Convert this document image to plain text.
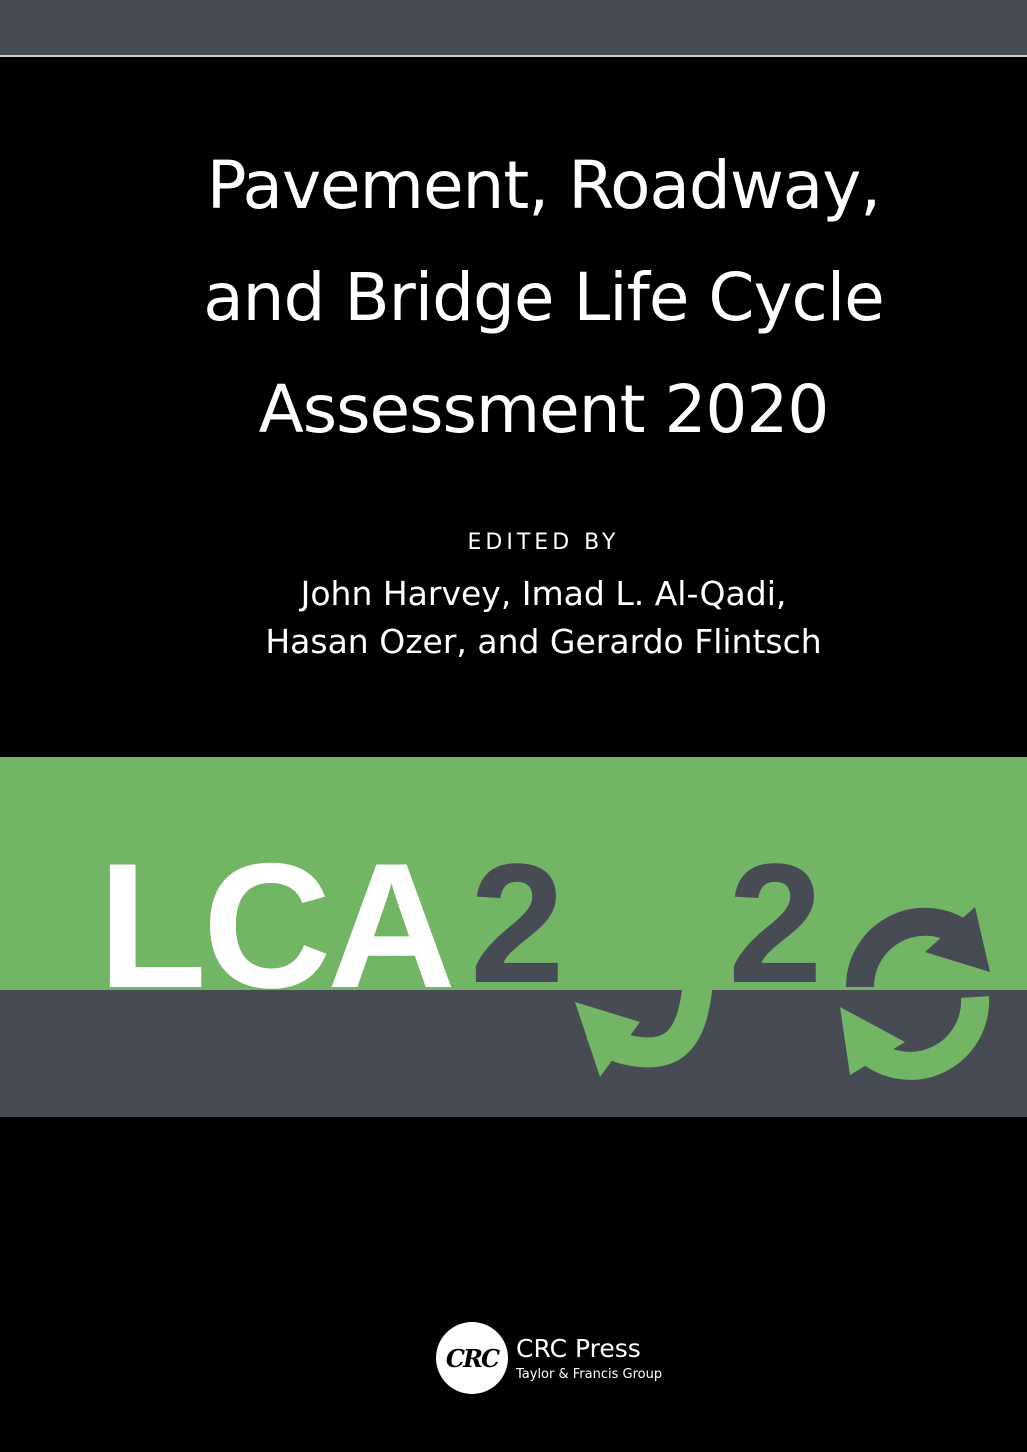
Pavement, Roadway,
and Bridge Life Cycle
Assessment 2020
EDITED BY
John Harvey, Imad L. Al-Qadi,
Hasan Ozer, and Gerardo Flintsch
LCA 2 2
CRC CRC Press
Taylor & Francis Group
